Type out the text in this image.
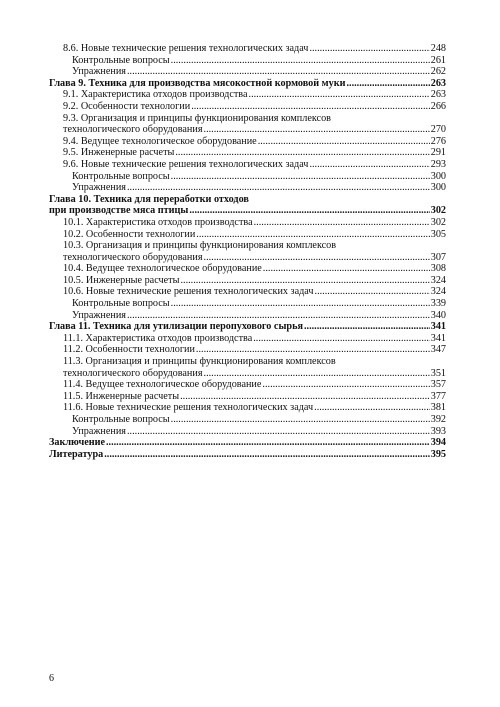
8.6. Новые технические решения технологических задач .....	248
Контрольные вопросы .....	261
Упражнения .....	262
Глава 9. Техника для производства мясокостной кормовой муки .....	263
9.1. Характеристика отходов производства .....	263
9.2. Особенности технологии .....	266
9.3. Организация и принципы функционирования комплексов
технологического оборудования .....	270
9.4. Ведущее технологическое оборудование .....	276
9.5. Инженерные расчеты .....	291
9.6. Новые технические решения технологических задач .....	293
Контрольные вопросы .....	300
Упражнения .....	300
Глава 10. Техника для переработки отходов
при производстве мяса птицы .....	302
10.1. Характеристика отходов производства .....	302
10.2. Особенности технологии .....	305
10.3. Организация и принципы функционирования комплексов
технологического оборудования .....	307
10.4. Ведущее технологическое оборудование .....	308
10.5. Инженерные расчеты .....	324
10.6. Новые технические решения технологических задач .....	324
Контрольные вопросы .....	339
Упражнения .....	340
Глава 11. Техника для утилизации перопухового сырья .....	341
11.1. Характеристика отходов производства .....	341
11.2. Особенности технологии .....	347
11.3. Организация и принципы функционирования комплексов
технологического оборудования .....	351
11.4. Ведущее технологическое оборудование .....	357
11.5. Инженерные расчеты .....	377
11.6. Новые технические решения технологических задач .....	381
Контрольные вопросы .....	392
Упражнения .....	393
Заключение .....	394
Литература .....	395
6
